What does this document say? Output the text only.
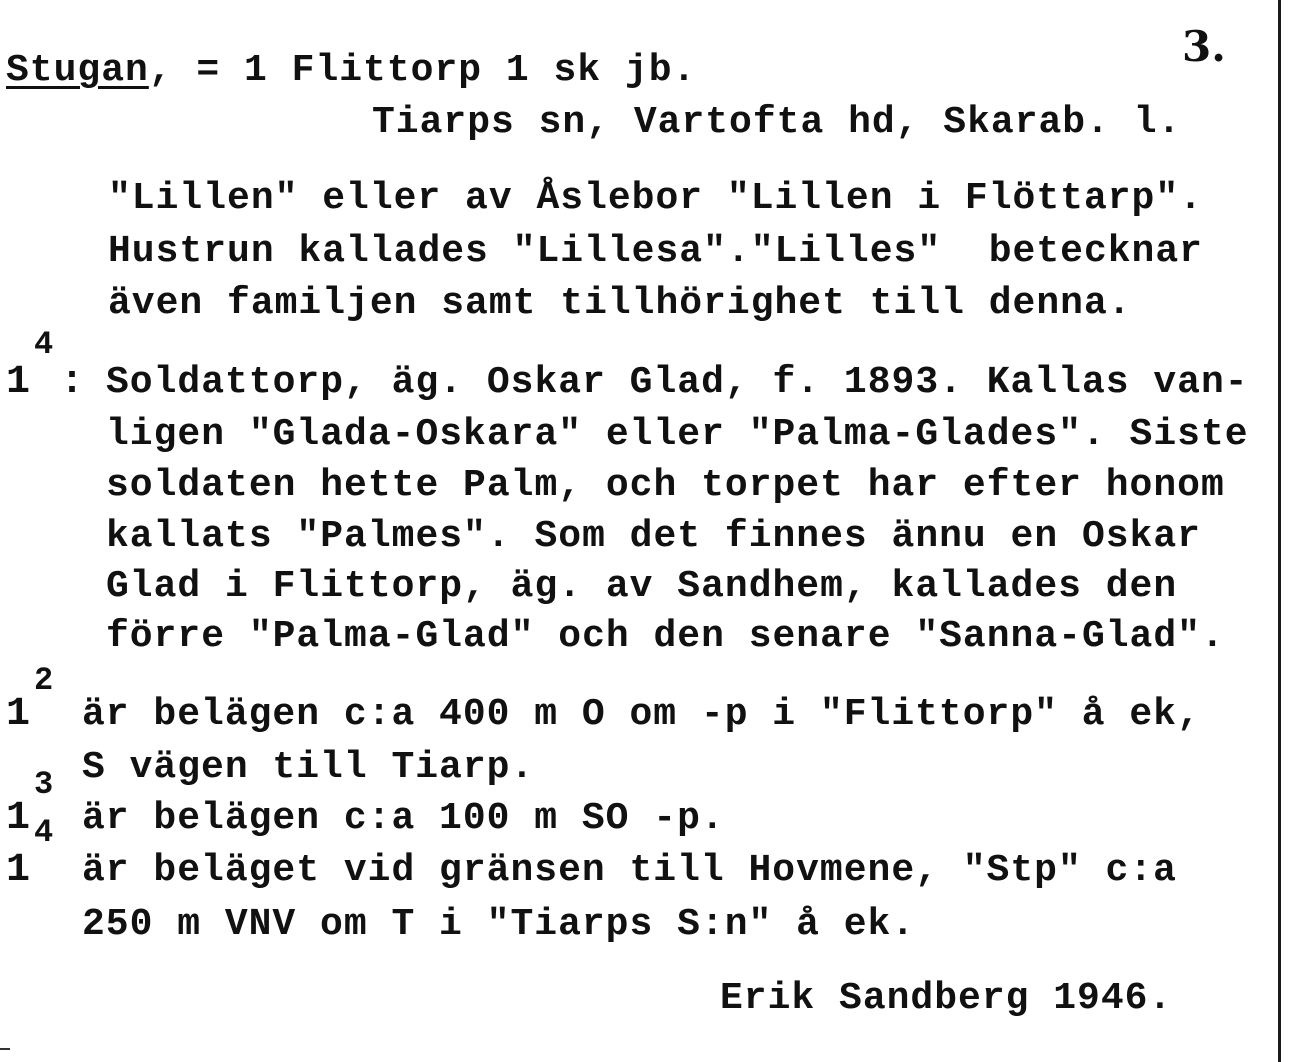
Stugan, = 1 Flittorp 1 sk jb.	3.
Tiarps sn, Vartofta hd, Skarab. l.
"Lillen" eller av Åslebor "Lillen i Flöttarp".
Hustrun kallades "Lillesa"."Lilles"  betecknar
även familjen samt tillhörighet till denna.
1
4
: Soldattorp, äg. Oskar Glad, f. 1893. Kallas van-
ligen "Glada-Oskara" eller "Palma-Glades". Siste
soldaten hette Palm, och torpet har efter honom
kallats "Palmes". Som det finnes ännu en Oskar
Glad i Flittorp, äg. av Sandhem, kallades den
förre "Palma-Glad" och den senare "Sanna-Glad".
1
2
är belägen c:a 400 m O om -p i "Flittorp" å ek,
S vägen till Tiarp.
1
3
är belägen c:a 100 m SO -p.
1
4
är beläget vid gränsen till Hovmene, "Stp" c:a
250 m VNV om T i "Tiarps S:n" å ek.
Erik Sandberg 1946.
